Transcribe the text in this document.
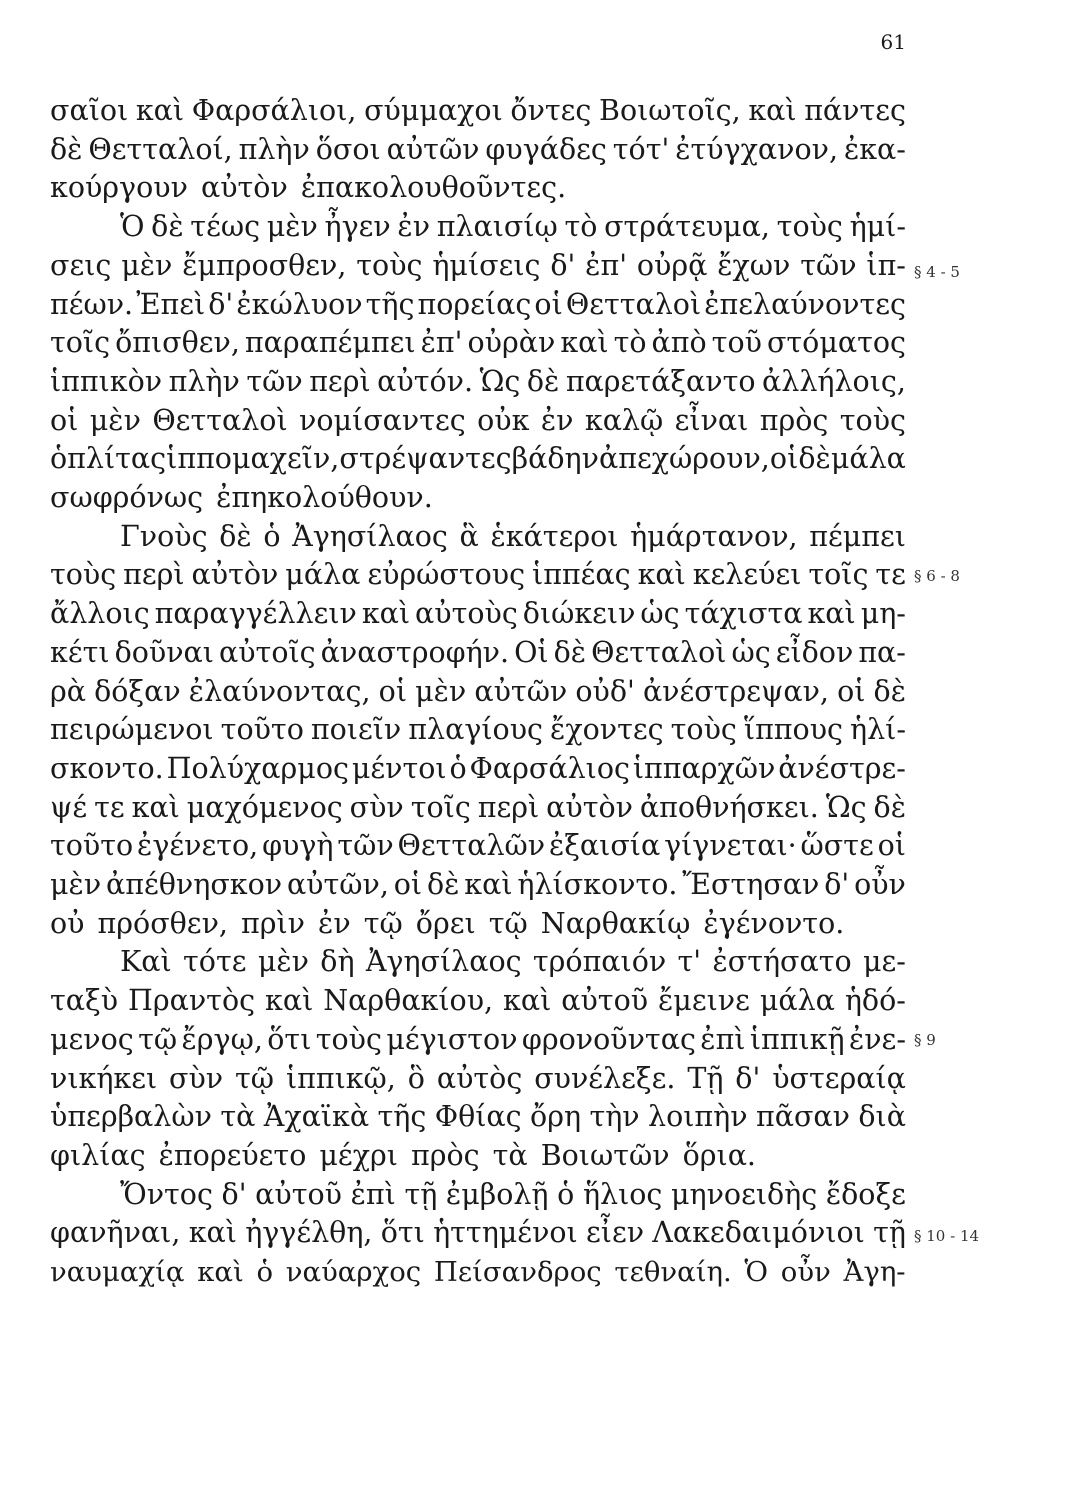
61
σαῖοι καὶ Φαρσάλιοι, σύμμαχοι ὄντες Βοιωτοῖς, καὶ πάντες
δὲ Θετταλοί, πλὴν ὅσοι αὐτῶν φυγάδες τότ' ἐτύγχανον, ἐκα-
κούργουν αὐτὸν ἐπακολουθοῦντες.
Ὁ δὲ τέως μὲν ἦγεν ἐν πλαισίῳ τὸ στράτευμα, τοὺς ἡμί-
σεις μὲν ἔμπροσθεν, τοὺς ἡμίσεις δ' ἐπ' οὐρᾷ ἔχων τῶν ἱπ-
πέων. Ἐπεὶ δ' ἐκώλυον τῆς πορείας οἱ Θετταλοὶ ἐπελαύνοντες
τοῖς ὄπισθεν, παραπέμπει ἐπ' οὐρὰν καὶ τὸ ἀπὸ τοῦ στόματος
ἱππικὸν πλὴν τῶν περὶ αὐτόν. Ὡς δὲ παρετάξαντο ἀλλήλοις,
οἱ μὲν Θετταλοὶ νομίσαντες οὐκ ἐν καλῷ εἶναι πρὸς τοὺς
ὁπλίτας ἱππομαχεῖν, στρέψαντες βάδην ἀπεχώρουν, οἱ δὲ μάλα
σωφρόνως ἐπηκολούθουν.
Γνοὺς δὲ ὁ Ἀγησίλαος ἃ ἑκάτεροι ἡμάρτανον, πέμπει
τοὺς περὶ αὐτὸν μάλα εὐρώστους ἱππέας καὶ κελεύει τοῖς τε
ἄλλοις παραγγέλλειν καὶ αὐτοὺς διώκειν ὡς τάχιστα καὶ μη-
κέτι δοῦναι αὐτοῖς ἀναστροφήν. Οἱ δὲ Θετταλοὶ ὡς εἶδον πα-
ρὰ δόξαν ἐλαύνοντας, οἱ μὲν αὐτῶν οὐδ' ἀνέστρεψαν, οἱ δὲ
πειρώμενοι τοῦτο ποιεῖν πλαγίους ἔχοντες τοὺς ἵππους ἡλί-
σκοντο. Πολύχαρμος μέντοι ὁ Φαρσάλιος ἱππαρχῶν ἀνέστρε-
ψέ τε καὶ μαχόμενος σὺν τοῖς περὶ αὐτὸν ἀποθνήσκει. Ὡς δὲ
τοῦτο ἐγένετο, φυγὴ τῶν Θετταλῶν ἐξαισία γίγνεται· ὥστε οἱ
μὲν ἀπέθνησκον αὐτῶν, οἱ δὲ καὶ ἡλίσκοντο. Ἔστησαν δ' οὖν
οὐ πρόσθεν, πρὶν ἐν τῷ ὄρει τῷ Ναρθακίῳ ἐγένοντο.
Καὶ τότε μὲν δὴ Ἀγησίλαος τρόπαιόν τ' ἐστήσατο με-
ταξὺ Πραντὸς καὶ Ναρθακίου, καὶ αὐτοῦ ἔμεινε μάλα ἡδό-
μενος τῷ ἔργῳ, ὅτι τοὺς μέγιστον φρονοῦντας ἐπὶ ἱππικῇ ἐνε-
νικήκει σὺν τῷ ἱππικῷ, ὃ αὐτὸς συνέλεξε. Τῇ δ' ὑστεραίᾳ
ὑπερβαλὼν τὰ Ἀχαϊκὰ τῆς Φθίας ὄρη τὴν λοιπὴν πᾶσαν διὰ
φιλίας ἐπορεύετο μέχρι πρὸς τὰ Βοιωτῶν ὅρια.
Ὄντος δ' αὐτοῦ ἐπὶ τῇ ἐμβολῇ ὁ ἥλιος μηνοειδὴς ἔδοξε
φανῆναι, καὶ ἠγγέλθη, ὅτι ἡττημένοι εἶεν Λακεδαιμόνιοι τῇ
ναυμαχίᾳ καὶ ὁ ναύαρχος Πείσανδρος τεθναίη. Ὁ οὖν Ἀγη-
§ 4 - 5
§ 6 - 8
§ 9
§ 10 - 14
